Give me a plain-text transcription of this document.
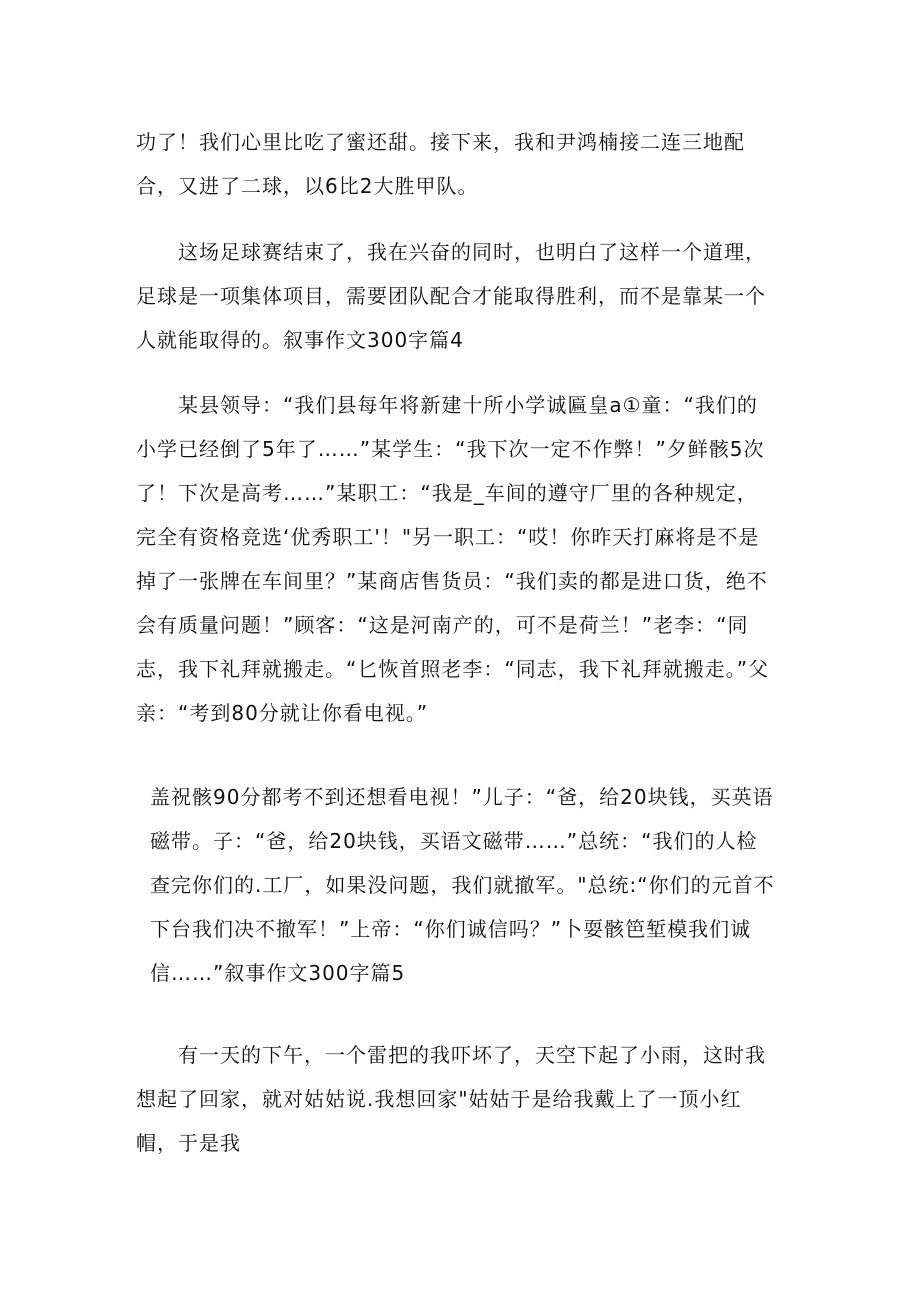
功了！我们心里比吃了蜜还甜。接下来，我和尹鸿楠接二连三地配合，又进了二球，以6比2大胜甲队。

这场足球赛结束了，我在兴奋的同时，也明白了这样一个道理，足球是一项集体项目，需要团队配合才能取得胜利，而不是靠某一个人就能取得的。叙事作文300字篇4

某县领导：“我们县每年将新建十所小学诚匾皇a①童：“我们的小学已经倒了5年了……”某学生：“我下次一定不作弊！”夕鲜骸5次了！下次是高考……”某职工：“我是_车间的遵守厂里的各种规定，完全有资格竞选‘优秀职工'！"另一职工：“哎！你昨天打麻将是不是掉了一张牌在车间里？”某商店售货员：“我们卖的都是进口货，绝不会有质量问题！”顾客：“这是河南产的，可不是荷兰！”老李：“同志，我下礼拜就搬走。“匕恢首照老李：“同志，我下礼拜就搬走。”父亲：“考到80分就让你看电视。”

盖祝骸90分都考不到还想看电视！”儿子：“爸，给20块钱，买英语磁带。子：“爸，给20块钱，买语文磁带……”总统：“我们的人检查完你们的.工厂，如果没问题，我们就撤军。"总统:“你们的元首不下台我们决不撤军！”上帝：“你们诚信吗？”卜耍骸笆堑模我们诚信……”叙事作文300字篇5

有一天的下午，一个雷把的我吓坏了，天空下起了小雨，这时我想起了回家，就对姑姑说.我想回家"姑姑于是给我戴上了一顶小红帽，于是我
